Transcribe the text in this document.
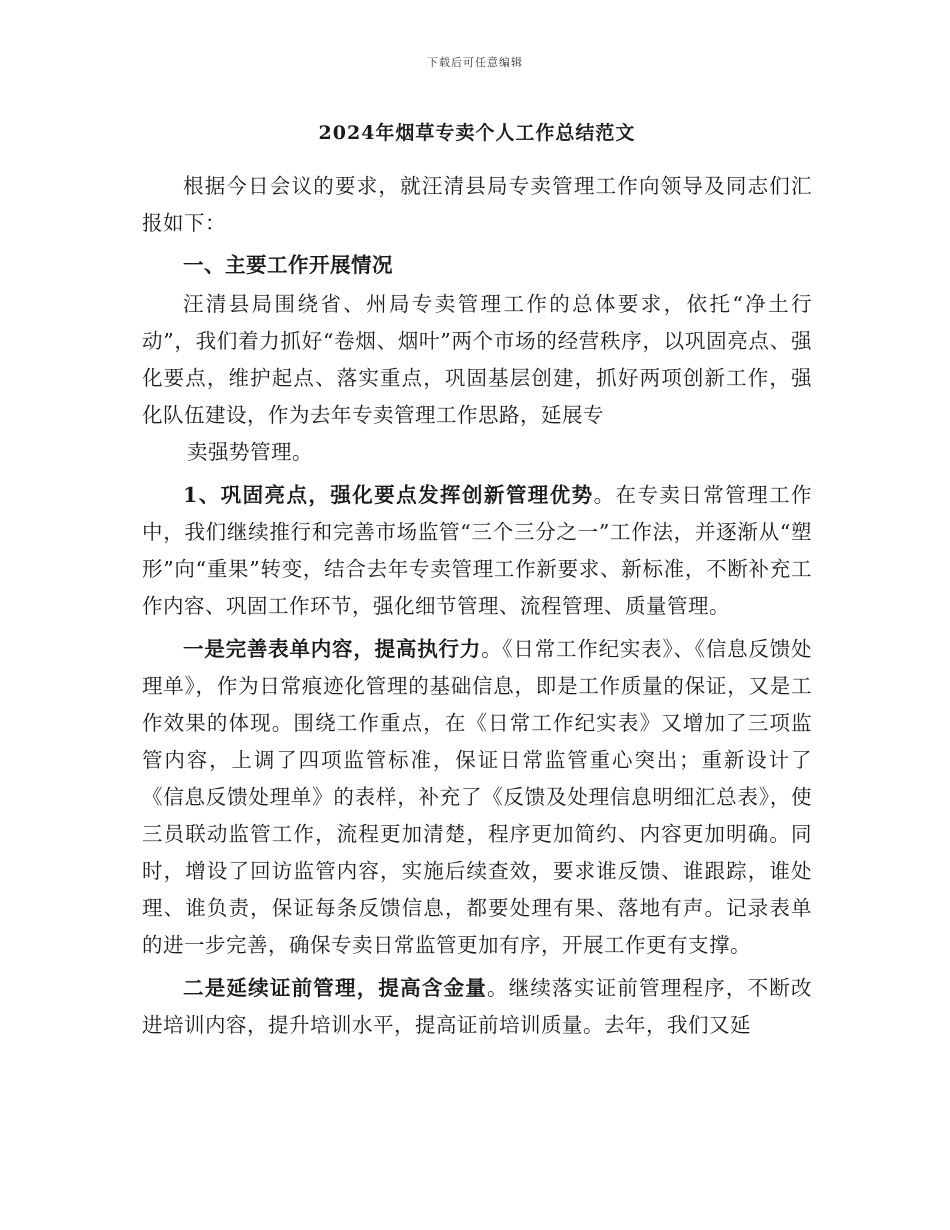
下载后可任意编辑
2024年烟草专卖个人工作总结范文

根据今日会议的要求，就汪清县局专卖管理工作向领导及同志们汇报如下：

一、主要工作开展情况

汪清县局围绕省、州局专卖管理工作的总体要求，依托“净土行动”，我们着力抓好“卷烟、烟叶”两个市场的经营秩序，以巩固亮点、强化要点，维护起点、落实重点，巩固基层创建，抓好两项创新工作，强化队伍建设，作为去年专卖管理工作思路，延展专

卖强势管理。

1、巩固亮点，强化要点发挥创新管理优势。在专卖日常管理工作中，我们继续推行和完善市场监管“三个三分之一”工作法，并逐渐从“塑形”向“重果”转变，结合去年专卖管理工作新要求、新标准，不断补充工作内容、巩固工作环节，强化细节管理、流程管理、质量管理。

一是完善表单内容，提高执行力。《日常工作纪实表》、《信息反馈处理单》，作为日常痕迹化管理的基础信息，即是工作质量的保证，又是工作效果的体现。围绕工作重点，在《日常工作纪实表》又增加了三项监管内容，上调了四项监管标准，保证日常监管重心突出；重新设计了《信息反馈处理单》的表样，补充了《反馈及处理信息明细汇总表》，使三员联动监管工作，流程更加清楚，程序更加简约、内容更加明确。同时，增设了回访监管内容，实施后续查效，要求谁反馈、谁跟踪，谁处理、谁负责，保证每条反馈信息，都要处理有果、落地有声。记录表单的进一步完善，确保专卖日常监管更加有序，开展工作更有支撑。

二是延续证前管理，提高含金量。继续落实证前管理程序，不断改进培训内容，提升培训水平，提高证前培训质量。去年，我们又延
